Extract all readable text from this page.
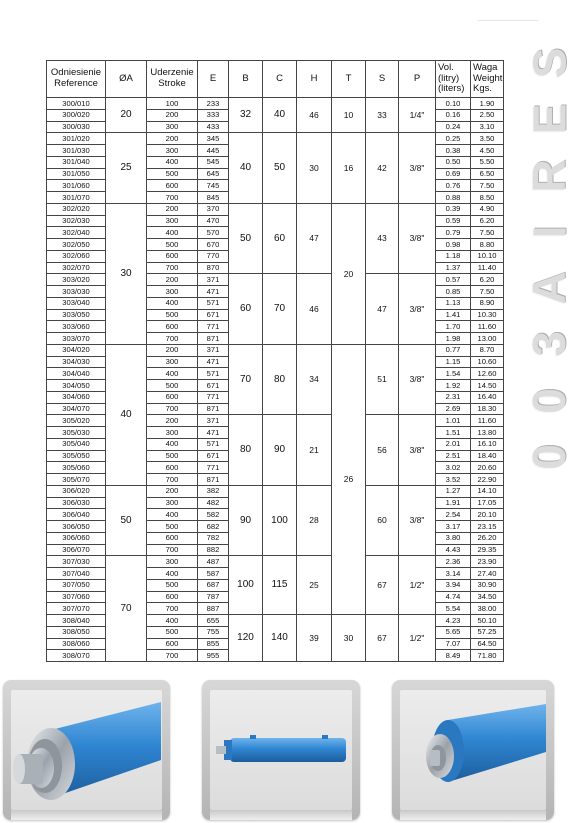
Odniesienie Reference	ØA	Uderzenie Stroke	E	B	C	H	T	S	P	Vol. (litry) (liters)	Waga Weight Kgs.
300/010	20	100	233	32	40	46	10	33	1/4"	0.10	1.90
300/020		200	333							0.16	2.50
300/030		300	433							0.24	3.10
301/020	25	200	345	40	50	30	16	42	3/8"	0.25	3.50
301/030		300	445							0.38	4.50
301/040		400	545							0.50	5.50
301/050		500	645							0.69	6.50
301/060		600	745							0.76	7.50
301/070		700	845							0.88	8.50
302/020	30	200	370	50	60	47	20	43	3/8"	0.39	4.90
302/030		300	470							0.59	6.20
302/040		400	570							0.79	7.50
302/050		500	670							0.98	8.80
302/060		600	770							1.18	10.10
302/070		700	870							1.37	11.40
303/020		200	371	60	70	46		47	3/8"	0.57	6.20
303/030		300	471							0.85	7.50
303/040		400	571							1.13	8.90
303/050		500	671							1.41	10.30
303/060		600	771							1.70	11.60
303/070		700	871							1.98	13.00
304/020	40	200	371	70	80	34	26	51	3/8"	0.77	8.70
304/030		300	471							1.15	10.60
304/040		400	571							1.54	12.60
304/050		500	671							1.92	14.50
304/060		600	771							2.31	16.40
304/070		700	871							2.69	18.30
305/020		200	371	80	90	21		56	3/8"	1.01	11.60
305/030		300	471							1.51	13.80
305/040		400	571							2.01	16.10
305/050		500	671							2.51	18.40
305/060		600	771							3.02	20.60
305/070		700	871							3.52	22.90
306/020	50	200	382	90	100	28		60	3/8"	1.27	14.10
306/030		300	482							1.91	17.05
306/040		400	582							2.54	20.10
306/050		500	682							3.17	23.15
306/060		600	782							3.80	26.20
306/070		700	882							4.43	29.35
307/030	70	300	487	100	115	25		67	1/2"	2.36	23.90
307/040		400	587							3.14	27.40
307/050		500	687							3.94	30.90
307/060		600	787							4.74	34.50
307/070		700	887							5.54	38.00
308/040		400	655	120	140	39	30	67	1/2"	4.23	50.10
308/050		500	755							5.65	57.25
308/060		600	855							7.07	64.50
308/070		700	955							8.49	71.80
S
E
R
I
A
3
0
0
